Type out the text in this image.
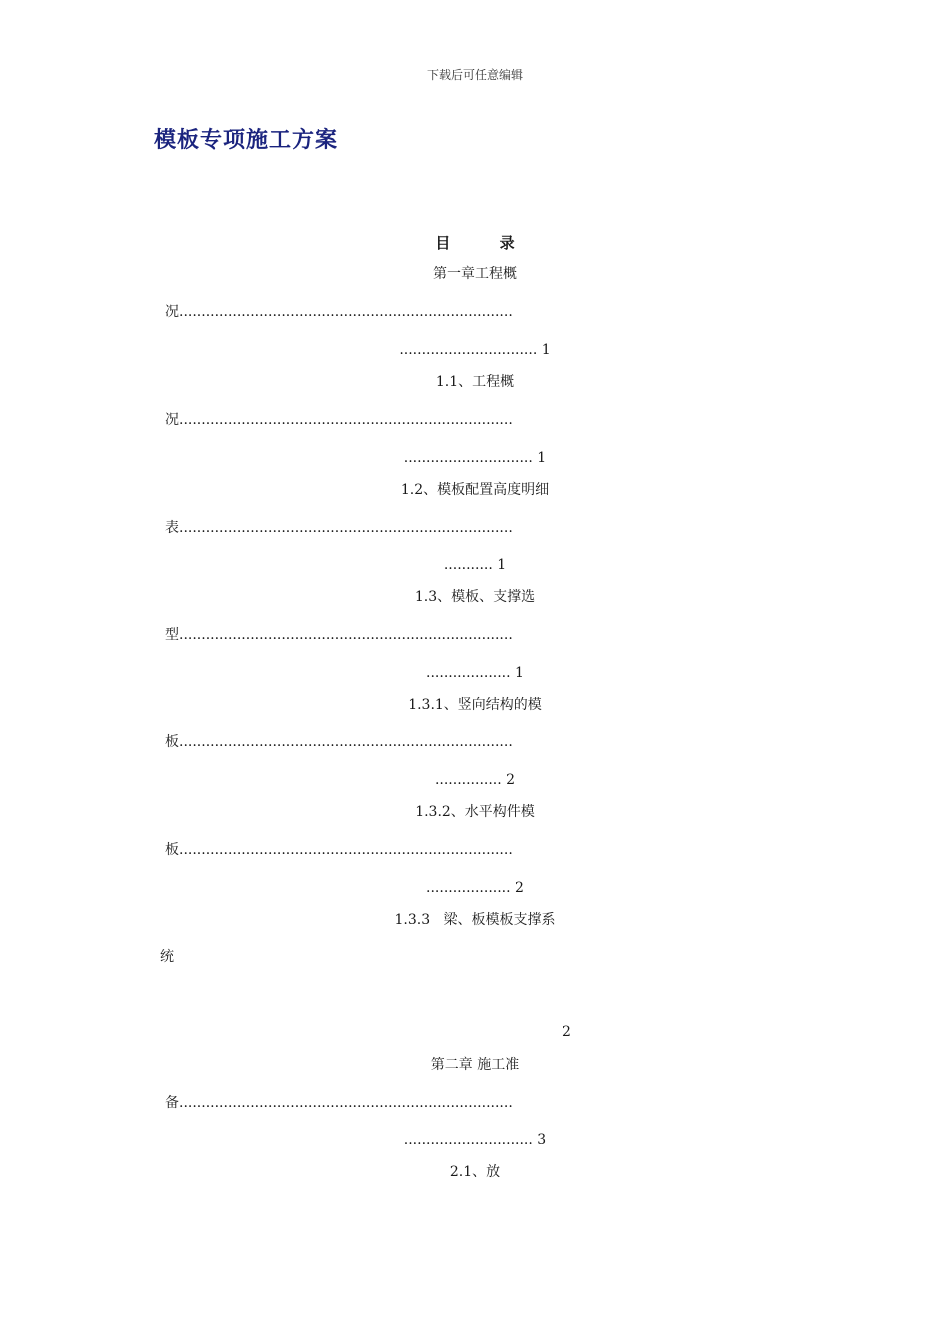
下载后可任意编辑
模板专项施工方案
目 录
第一章工程概
况...........................................................................
............................... 1
1.1、工程概
况...........................................................................
............................. 1
1.2、模板配置高度明细
表...........................................................................
........... 1
1.3、模板、支撑选
型...........................................................................
................... 1
1.3.1、竖向结构的模
板...........................................................................
............... 2
1.3.2、水平构件模
板...........................................................................
................... 2
1.3.3   梁、板模板支撑系
统
2
第二章 施工准
备...........................................................................
............................. 3
2.1、放
